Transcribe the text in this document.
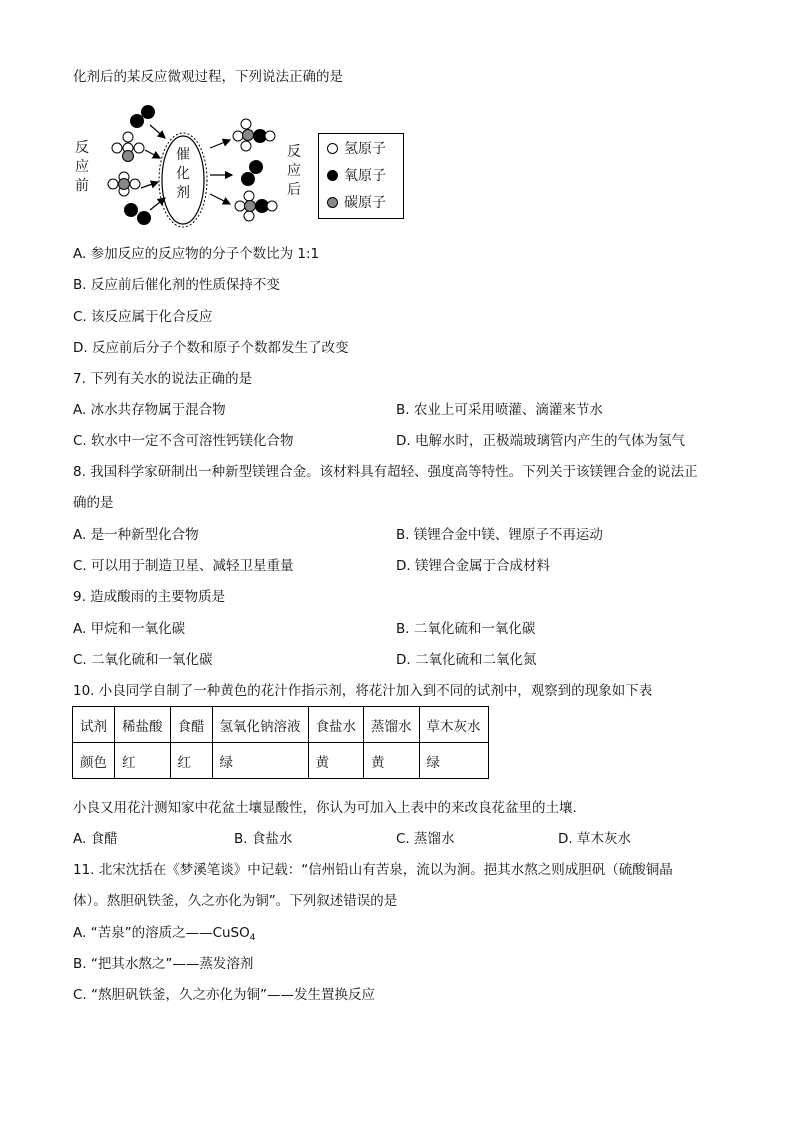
化剂后的某反应微观过程，下列说法正确的是
反
应
前
反
应
后
催
化
剂
氢原子
氧原子
碳原子
A. 参加反应的反应物的分子个数比为 1:1
B. 反应前后催化剂的性质保持不变
C. 该反应属于化合反应
D. 反应前后分子个数和原子个数都发生了改变
7. 下列有关水的说法正确的是
A. 冰水共存物属于混合物	B. 农业上可采用喷灌、滴灌来节水
C. 软水中一定不含可溶性钙镁化合物	D. 电解水时，正极端玻璃管内产生的气体为氢气
8. 我国科学家研制出一种新型镁锂合金。该材料具有超轻、强度高等特性。下列关于该镁锂合金的说法正
确的是
A. 是一种新型化合物	B. 镁锂合金中镁、锂原子不再运动
C. 可以用于制造卫星、减轻卫星重量	D. 镁锂合金属于合成材料
9. 造成酸雨的主要物质是
A. 甲烷和一氧化碳	B. 二氧化硫和一氧化碳
C. 二氧化硫和一氧化碳	D. 二氧化硫和二氧化氮
10. 小良同学自制了一种黄色的花汁作指示剂，将花汁加入到不同的试剂中，观察到的现象如下表
试剂	稀盐酸	食醋	氢氧化钠溶液	食盐水	蒸馏水	草木灰水
颜色	红	红	绿	黄	黄	绿
小良又用花汁测知家中花盆土壤显酸性，你认为可加入上表中的来改良花盆里的土壤．
A. 食醋	B. 食盐水	C. 蒸馏水	D. 草木灰水
11. 北宋沈括在《梦溪笔谈》中记载：“信州铅山有苦泉，流以为涧。挹其水熬之则成胆矾（硫酸铜晶
体）。熬胆矾铁釜，久之亦化为铜”。下列叙述错误的是
A. “苦泉”的溶质之——CuSO$_4$
B. “把其水熬之”——蒸发溶剂
C. “熬胆矾铁釜，久之亦化为铜”——发生置换反应
